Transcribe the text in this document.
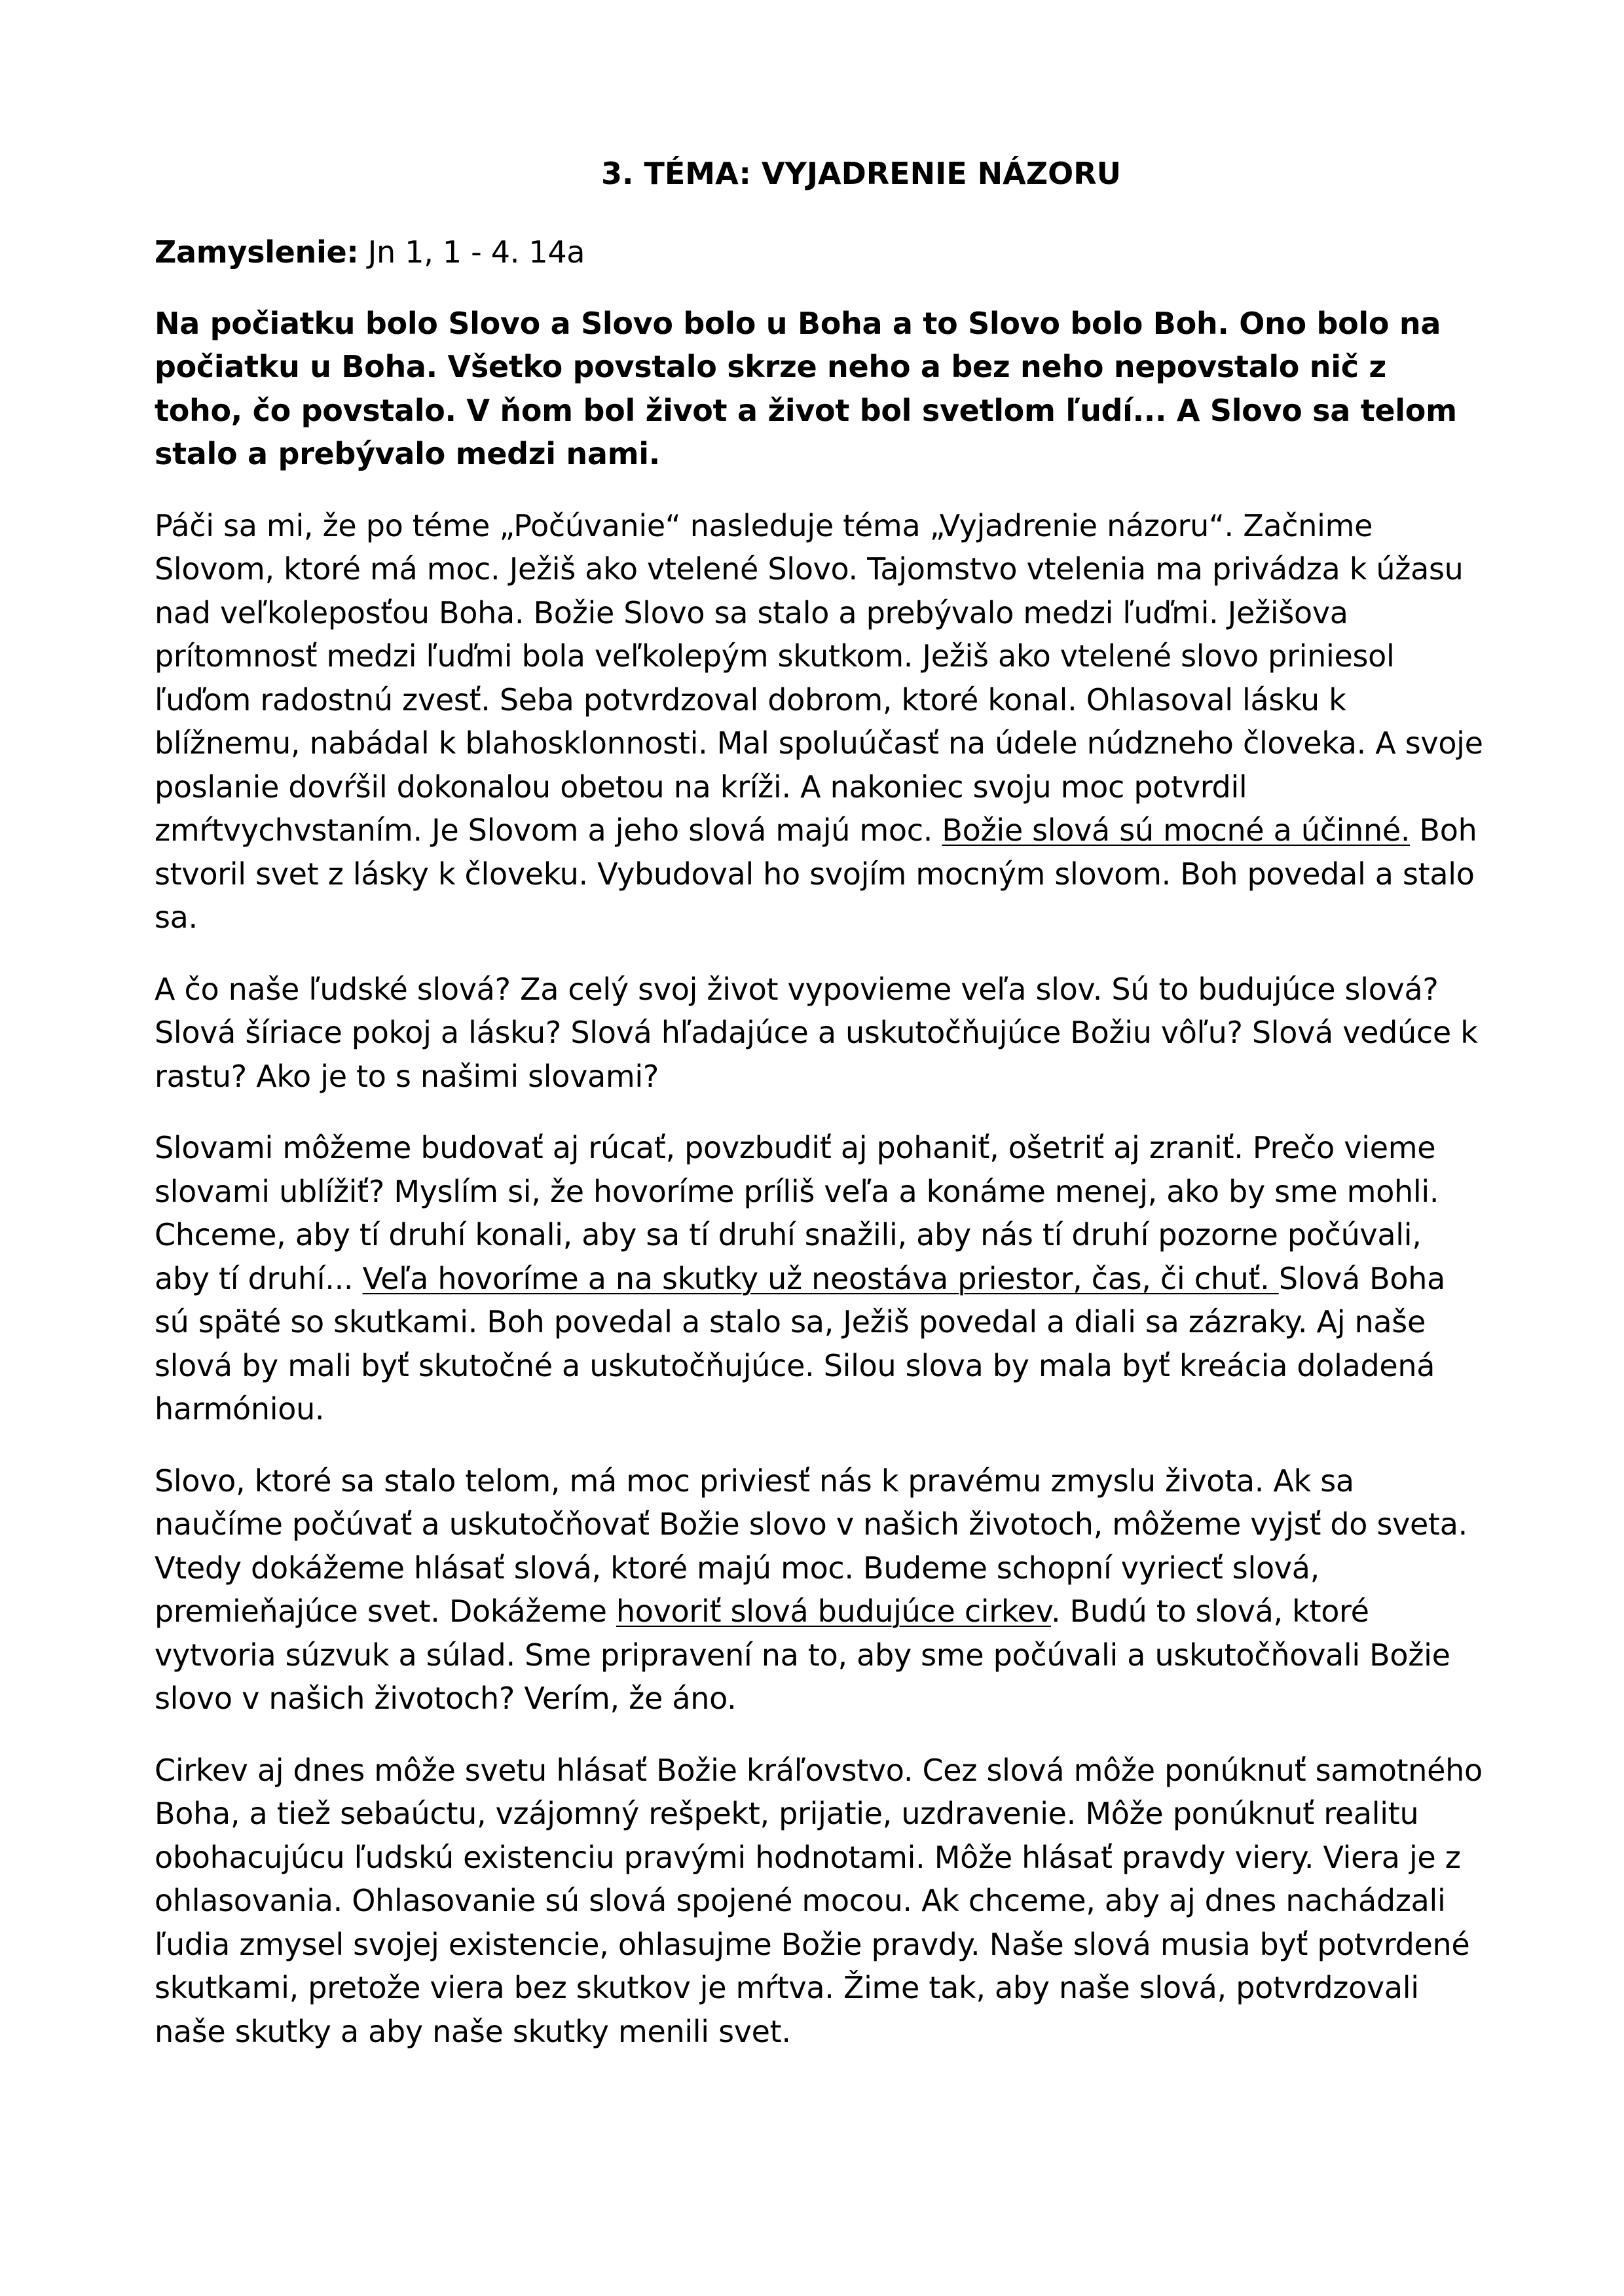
3. TÉMA: VYJADRENIE NÁZORU

Zamyslenie: Jn 1, 1 - 4. 14a

Na počiatku bolo Slovo a Slovo bolo u Boha a to Slovo bolo Boh. Ono bolo na počiatku u Boha. Všetko povstalo skrze neho a bez neho nepovstalo nič z toho, čo povstalo. V ňom bol život a život bol svetlom ľudí... A Slovo sa telom stalo a prebývalo medzi nami.

Páči sa mi, že po téme „Počúvanie“ nasleduje téma „Vyjadrenie názoru“. Začnime Slovom, ktoré má moc. Ježiš ako vtelené Slovo. Tajomstvo vtelenia ma privádza k úžasu nad veľkoleposťou Boha. Božie Slovo sa stalo a prebývalo medzi ľuďmi. Ježišova prítomnosť medzi ľuďmi bola veľkolepým skutkom. Ježiš ako vtelené slovo priniesol ľuďom radostnú zvesť. Seba potvrdzoval dobrom, ktoré konal. Ohlasoval lásku k blížnemu, nabádal k blahosklonnosti. Mal spoluúčasť na údele núdzneho človeka. A svoje poslanie dovŕšil dokonalou obetou na kríži. A nakoniec svoju moc potvrdil zmŕtvychvstaním. Je Slovom a jeho slová majú moc. Božie slová sú mocné a účinné. Boh stvoril svet z lásky k človeku. Vybudoval ho svojím mocným slovom. Boh povedal a stalo sa.

A čo naše ľudské slová? Za celý svoj život vypovieme veľa slov. Sú to budujúce slová? Slová šíriace pokoj a lásku? Slová hľadajúce a uskutočňujúce Božiu vôľu? Slová vedúce k rastu? Ako je to s našimi slovami?

Slovami môžeme budovať aj rúcať, povzbudiť aj pohaniť, ošetriť aj zraniť. Prečo vieme slovami ublížiť? Myslím si, že hovoríme príliš veľa a konáme menej, ako by sme mohli. Chceme, aby tí druhí konali, aby sa tí druhí snažili, aby nás tí druhí pozorne počúvali, aby tí druhí... Veľa hovoríme a na skutky už neostáva priestor, čas, či chuť. Slová Boha sú späté so skutkami. Boh povedal a stalo sa, Ježiš povedal a diali sa zázraky. Aj naše slová by mali byť skutočné a uskutočňujúce. Silou slova by mala byť kreácia doladená harmóniou.

Slovo, ktoré sa stalo telom, má moc priviesť nás k pravému zmyslu života. Ak sa naučíme počúvať a uskutočňovať Božie slovo v našich životoch, môžeme vyjsť do sveta. Vtedy dokážeme hlásať slová, ktoré majú moc. Budeme schopní vyriecť slová, premieňajúce svet. Dokážeme hovoriť slová budujúce cirkev. Budú to slová, ktoré vytvoria súzvuk a súlad. Sme pripravení na to, aby sme počúvali a uskutočňovali Božie slovo v našich životoch? Verím, že áno.

Cirkev aj dnes môže svetu hlásať Božie kráľovstvo. Cez slová môže ponúknuť samotného Boha, a tiež sebaúctu, vzájomný rešpekt, prijatie, uzdravenie. Môže ponúknuť realitu obohacujúcu ľudskú existenciu pravými hodnotami. Môže hlásať pravdy viery. Viera je z ohlasovania. Ohlasovanie sú slová spojené mocou. Ak chceme, aby aj dnes nachádzali ľudia zmysel svojej existencie, ohlasujme Božie pravdy. Naše slová musia byť potvrdené skutkami, pretože viera bez skutkov je mŕtva. Žime tak, aby naše slová, potvrdzovali naše skutky a aby naše skutky menili svet.
